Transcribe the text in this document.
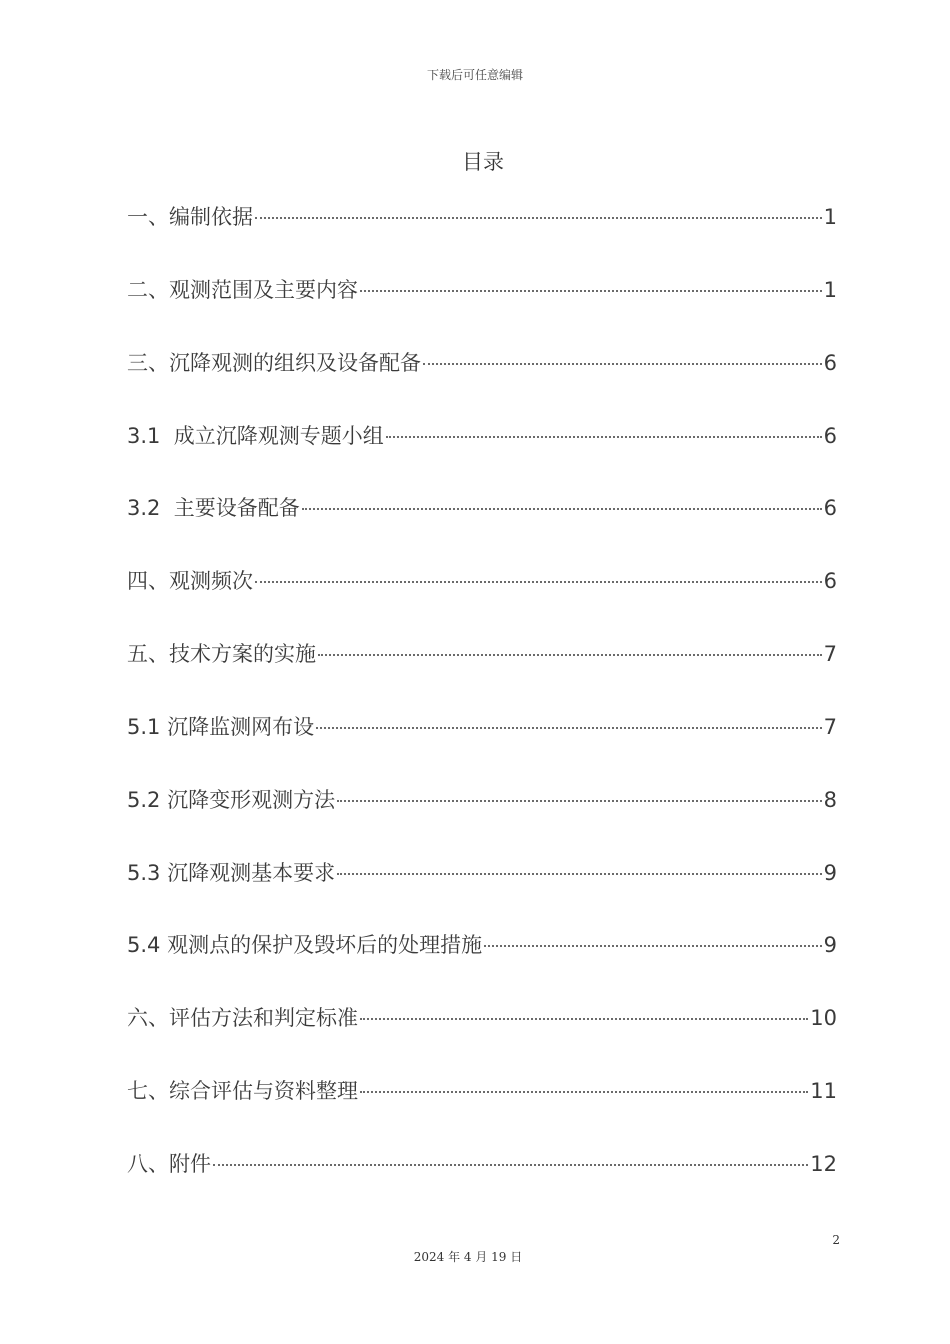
下载后可任意编辑
目录
一、编制依据	1
二、观测范围及主要内容	1
三、沉降观测的组织及设备配备	6
3.1  成立沉降观测专题小组	6
3.2  主要设备配备	6
四、观测频次	6
五、技术方案的实施	7
5.1 沉降监测网布设	7
5.2 沉降变形观测方法	8
5.3 沉降观测基本要求	9
5.4 观测点的保护及毁坏后的处理措施	9
六、评估方法和判定标准	10
七、综合评估与资料整理	11
八、附件	12
2
2024 年 4 月 19 日
